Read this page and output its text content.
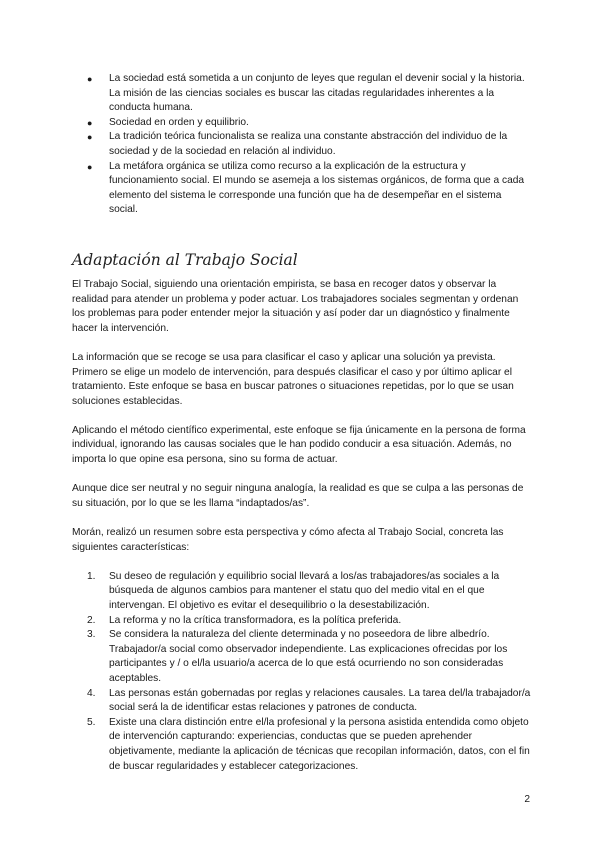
● La sociedad está sometida a un conjunto de leyes que regulan el devenir social y la historia. La misión de las ciencias sociales es buscar las citadas regularidades inherentes a la conducta humana.
● Sociedad en orden y equilibrio.
● La tradición teórica funcionalista se realiza una constante abstracción del individuo de la sociedad y de la sociedad en relación al individuo.
● La metáfora orgánica se utiliza como recurso a la explicación de la estructura y funcionamiento social. El mundo se asemeja a los sistemas orgánicos, de forma que a cada elemento del sistema le corresponde una función que ha de desempeñar en el sistema social.
Adaptación al Trabajo Social

El Trabajo Social, siguiendo una orientación empirista, se basa en recoger datos y observar la realidad para atender un problema y poder actuar. Los trabajadores sociales segmentan y ordenan los problemas para poder entender mejor la situación y así poder dar un diagnóstico y finalmente hacer la intervención.

La información que se recoge se usa para clasificar el caso y aplicar una solución ya prevista. Primero se elige un modelo de intervención, para después clasificar el caso y por último aplicar el tratamiento. Este enfoque se basa en buscar patrones o situaciones repetidas, por lo que se usan soluciones establecidas.

Aplicando el método científico experimental, este enfoque se fija únicamente en la persona de forma individual, ignorando las causas sociales que le han podido conducir a esa situación. Además, no importa lo que opine esa persona, sino su forma de actuar.

Aunque dice ser neutral y no seguir ninguna analogía, la realidad es que se culpa a las personas de su situación, por lo que se les llama “indaptados/as”.

Morán, realizó un resumen sobre esta perspectiva y cómo afecta al Trabajo Social, concreta las siguientes características:

1. Su deseo de regulación y equilibrio social llevará a los/as trabajadores/as sociales a la búsqueda de algunos cambios para mantener el statu quo del medio vital en el que intervengan. El objetivo es evitar el desequilibrio o la desestabilización.
2. La reforma y no la crítica transformadora, es la política preferida.
3. Se considera la naturaleza del cliente determinada y no poseedora de libre albedrío. Trabajador/a social como observador independiente. Las explicaciones ofrecidas por los participantes y / o el/la usuario/a acerca de lo que está ocurriendo no son consideradas aceptables.
4. Las personas están gobernadas por reglas y relaciones causales. La tarea del/la trabajador/a social será la de identificar estas relaciones y patrones de conducta.
5. Existe una clara distinción entre el/la profesional y la persona asistida entendida como objeto de intervención capturando: experiencias, conductas que se pueden aprehender objetivamente, mediante la aplicación de técnicas que recopilan información, datos, con el fin de buscar regularidades y establecer categorizaciones.
2
